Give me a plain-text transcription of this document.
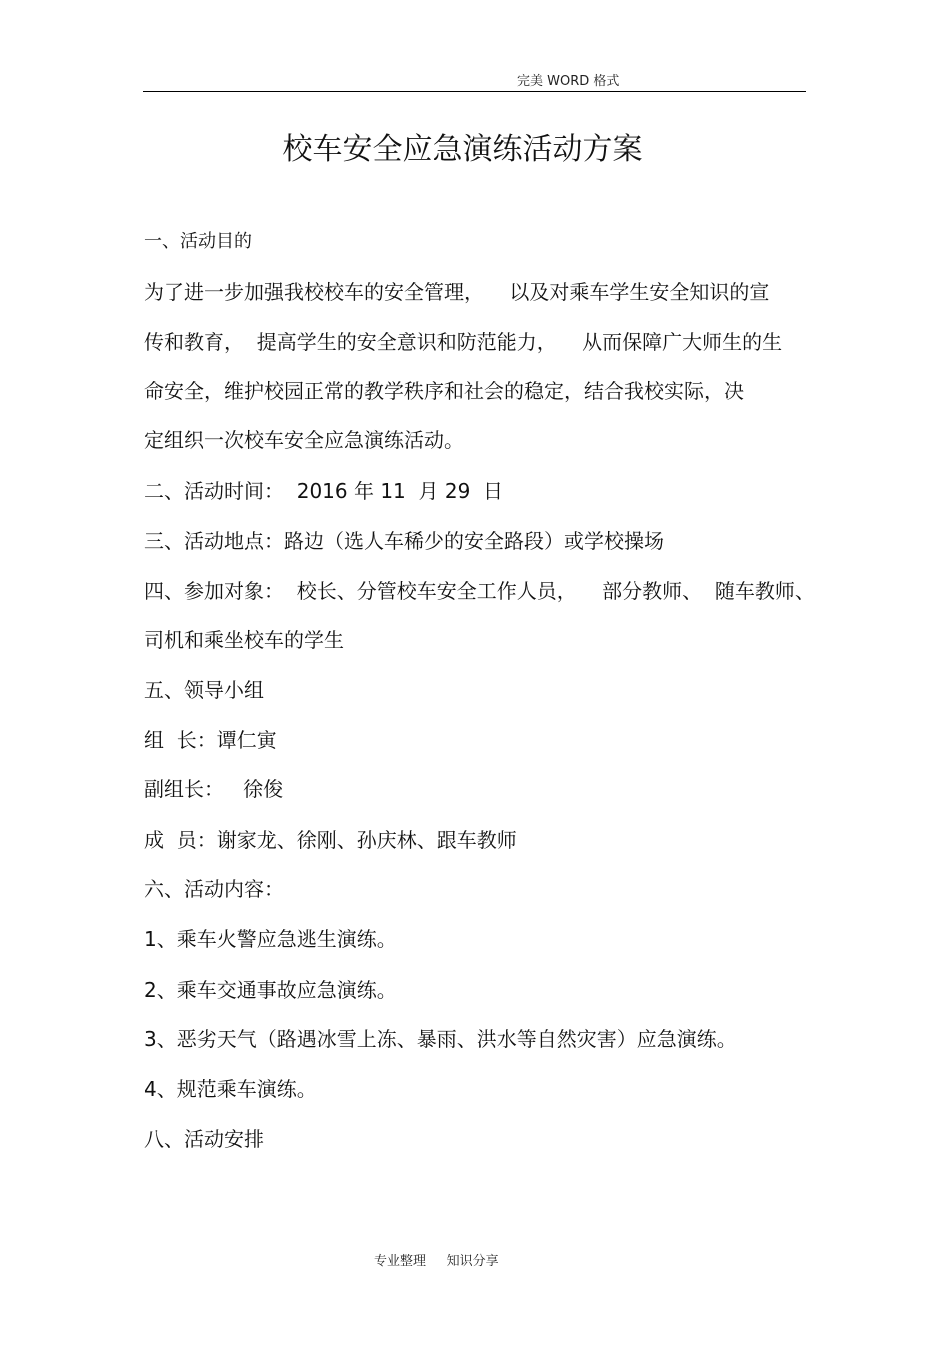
完美 WORD 格式
校车安全应急演练活动方案
一、活动目的
为了进一步加强我校校车的安全管理，    以及对乘车学生安全知识的宣
传和教育，  提高学生的安全意识和防范能力，    从而保障广大师生的生
命安全，维护校园正常的教学秩序和社会的稳定，结合我校实际，决
定组织一次校车安全应急演练活动。
二、活动时间：  2016 年 11  月 29  日
三、活动地点：路边（选人车稀少的安全路段）或学校操场
四、参加对象：  校长、分管校车安全工作人员，    部分教师、  随车教师、
司机和乘坐校车的学生
五、领导小组
组  长：谭仁寅
副组长：   徐俊
成  员：谢家龙、徐刚、孙庆林、跟车教师
六、活动内容：
1、乘车火警应急逃生演练。
2、乘车交通事故应急演练。
3、恶劣天气（路遇冰雪上冻、暴雨、洪水等自然灾害）应急演练。
4、规范乘车演练。
八、活动安排
专业整理     知识分享
